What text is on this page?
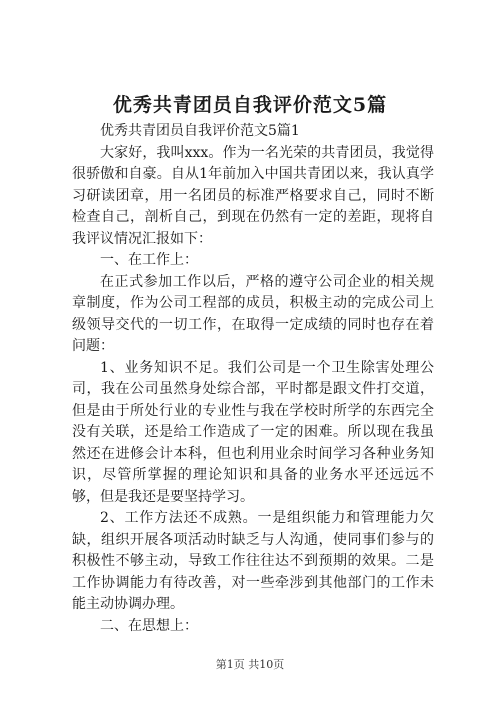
优秀共青团员自我评价范文5篇

优秀共青团员自我评价范文5篇1

大家好，我叫xxx。作为一名光荣的共青团员，我觉得很骄傲和自豪。自从1年前加入中国共青团以来，我认真学习研读团章，用一名团员的标准严格要求自己，同时不断检查自己，剖析自己，到现在仍然有一定的差距，现将自我评议情况汇报如下：

一、在工作上：

在正式参加工作以后，严格的遵守公司企业的相关规章制度，作为公司工程部的成员，积极主动的完成公司上级领导交代的一切工作，在取得一定成绩的同时也存在着问题：

1、业务知识不足。我们公司是一个卫生除害处理公司，我在公司虽然身处综合部，平时都是跟文件打交道，但是由于所处行业的专业性与我在学校时所学的东西完全没有关联，还是给工作造成了一定的困难。所以现在我虽然还在进修会计本科，但也利用业余时间学习各种业务知识，尽管所掌握的理论知识和具备的业务水平还远远不够，但是我还是要坚持学习。

2、工作方法还不成熟。一是组织能力和管理能力欠缺，组织开展各项活动时缺乏与人沟通，使同事们参与的积极性不够主动，导致工作往往达不到预期的效果。二是工作协调能力有待改善，对一些牵涉到其他部门的工作未能主动协调办理。

二、在思想上：

第1页 共10页
